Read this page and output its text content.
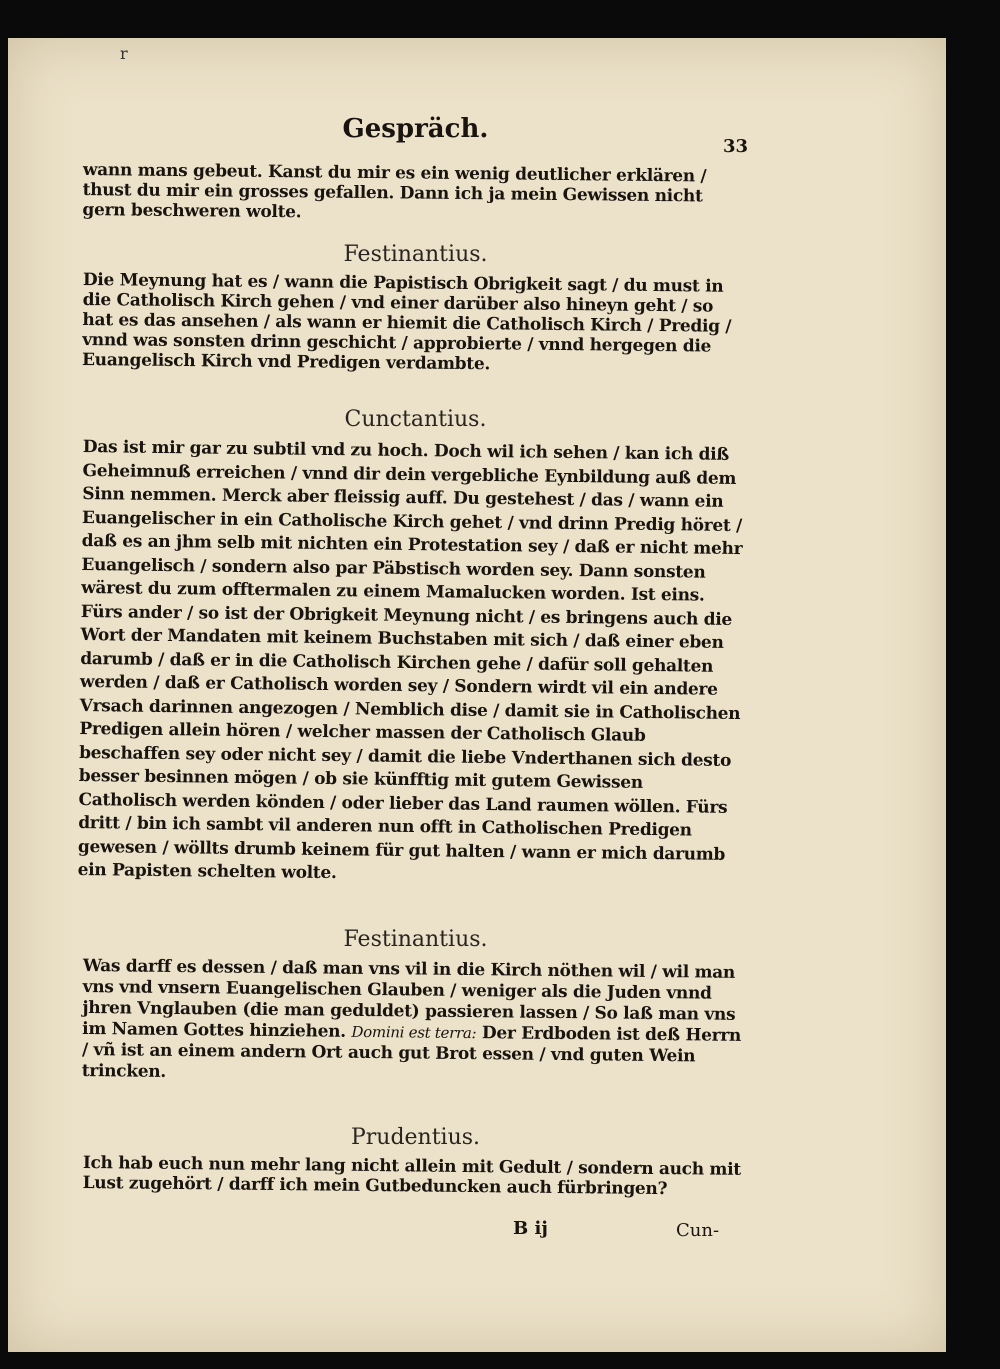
r
Gespräch.
33
wann mans gebeut. Kanst du mir es ein wenig deutlicher erklären / thust du mir ein grosses gefallen. Dann ich ja mein Gewissen nicht gern beschweren wolte.
Festinantius.
Die Meynung hat es / wann die Papistisch Obrigkeit sagt / du must in die Catholisch Kirch gehen / vnd einer darüber also hineyn geht / so hat es das ansehen / als wann er hiemit die Catholisch Kirch / Predig / vnnd was sonsten drinn geschicht / approbierte / vnnd hergegen die Euangelisch Kirch vnd Predigen verdambte.
Cunctantius.
Das ist mir gar zu subtil vnd zu hoch. Doch wil ich sehen / kan ich diß Geheimnuß erreichen / vnnd dir dein vergebliche Eynbildung auß dem Sinn nemmen. Merck aber fleissig auff. Du gestehest / das / wann ein Euangelischer in ein Catholische Kirch gehet / vnd drinn Predig höret / daß es an jhm selb mit nichten ein Protestation sey / daß er nicht mehr Euangelisch / sondern also par Päbstisch worden sey. Dann sonsten wärest du zum offtermalen zu einem Mamalucken worden. Ist eins. Fürs ander / so ist der Obrigkeit Meynung nicht / es bringens auch die Wort der Mandaten mit keinem Buchstaben mit sich / daß einer eben darumb / daß er in die Catholisch Kirchen gehe / dafür soll gehalten werden / daß er Catholisch worden sey / Sondern wirdt vil ein andere Vrsach darinnen angezogen / Nemblich dise / damit sie in Catholischen Predigen allein hören / welcher massen der Catholisch Glaub beschaffen sey oder nicht sey / damit die liebe Vnderthanen sich desto besser besinnen mögen / ob sie künfftig mit gutem Gewissen Catholisch werden könden / oder lieber das Land raumen wöllen. Fürs dritt / bin ich sambt vil anderen nun offt in Catholischen Predigen gewesen / wöllts drumb keinem für gut halten / wann er mich darumb ein Papisten schelten wolte.
Festinantius.
Was darff es dessen / daß man vns vil in die Kirch nöthen wil / wil man vns vnd vnsern Euangelischen Glauben / weniger als die Juden vnnd jhren Vnglauben (die man geduldet) passieren lassen / So laß man vns im Namen Gottes hinziehen. Domini est terra: Der Erdboden ist deß Herrn / vñ ist an einem andern Ort auch gut Brot essen / vnd guten Wein trincken.
Prudentius.
Ich hab euch nun mehr lang nicht allein mit Gedult / sondern auch mit Lust zugehört / darff ich mein Gutbeduncken auch fürbringen?
B ij	Cun-
